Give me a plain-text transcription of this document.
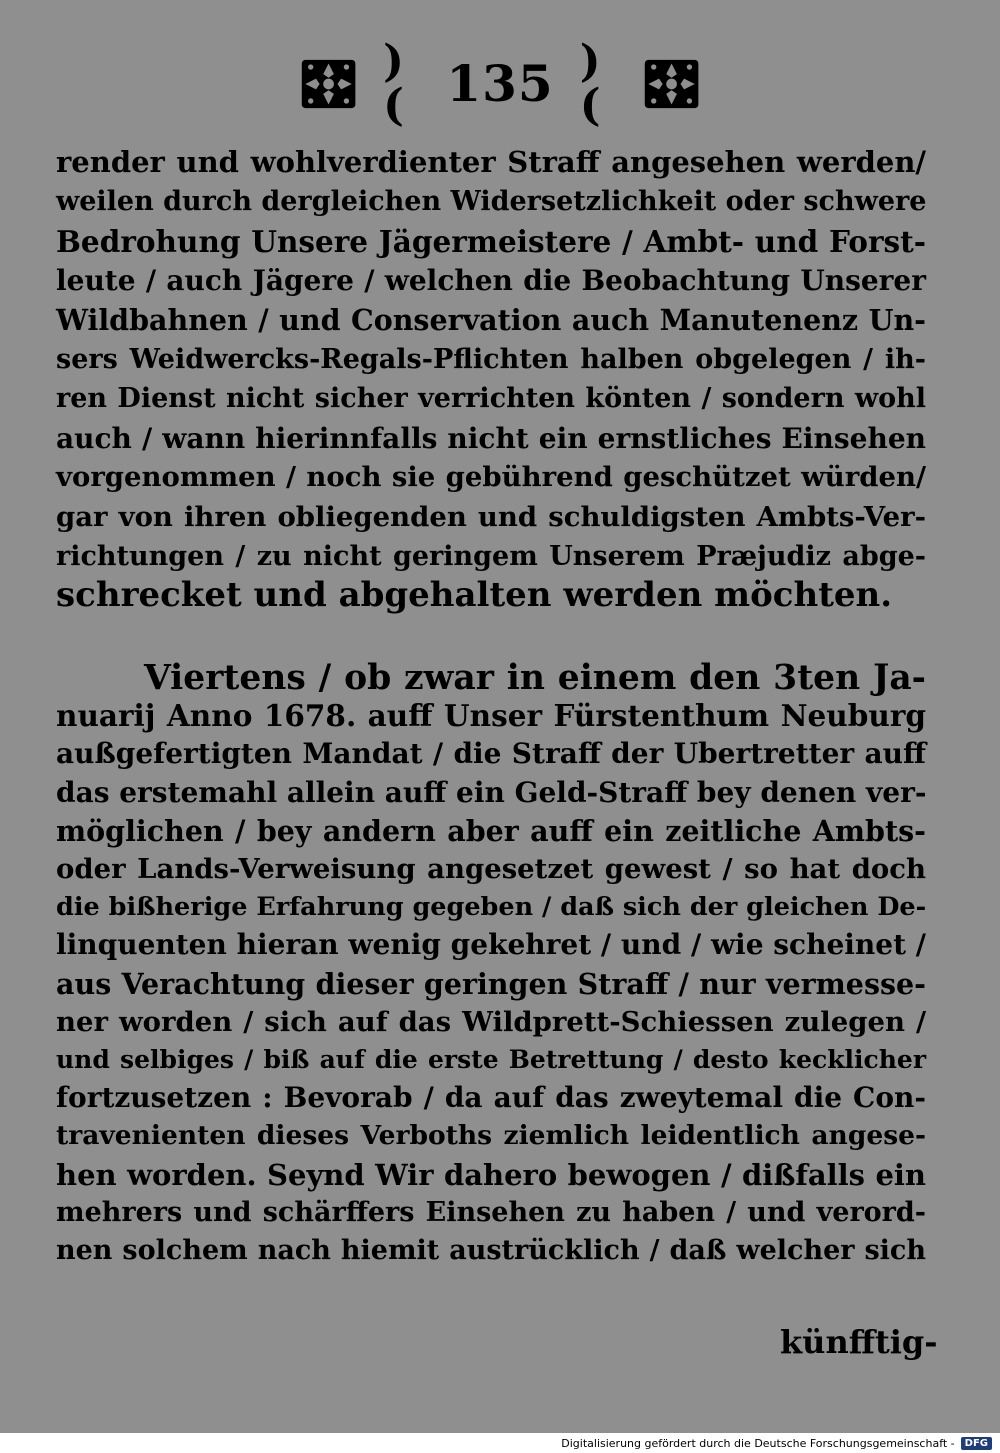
)( 135 )(
render und wohlverdienter Straff angesehen werden/
weilen durch dergleichen Widersetzlichkeit oder schwere
Bedrohung Unsere Jägermeistere / Ambt- und Forst-
leute / auch Jägere / welchen die Beobachtung Unserer
Wildbahnen / und Conservation auch Manutenenz Un-
sers Weidwercks-Regals-Pflichten halben obgelegen / ih-
ren Dienst nicht sicher verrichten könten / sondern wohl
auch / wann hierinnfalls nicht ein ernstliches Einsehen
vorgenommen / noch sie gebührend geschützet würden/
gar von ihren obliegenden und schuldigsten Ambts-Ver-
richtungen / zu nicht geringem Unserem Præjudiz abge-
schrecket und abgehalten werden möchten.
Viertens / ob zwar in einem den 3ten Ja-
nuarij Anno 1678. auff Unser Fürstenthum Neuburg
außgefertigten Mandat / die Straff der Ubertretter auff
das erstemahl allein auff ein Geld-Straff bey denen ver-
möglichen / bey andern aber auff ein zeitliche Ambts-
oder Lands-Verweisung angesetzet gewest / so hat doch
die bißherige Erfahrung gegeben / daß sich der gleichen De-
linquenten hieran wenig gekehret / und / wie scheinet /
aus Verachtung dieser geringen Straff / nur vermesse-
ner worden / sich auf das Wildprett-Schiessen zulegen /
und selbiges / biß auf die erste Betrettung / desto kecklicher
fortzusetzen : Bevorab / da auf das zweytemal die Con-
travenienten dieses Verboths ziemlich leidentlich angese-
hen worden. Seynd Wir dahero bewogen / dißfalls ein
mehrers und schärffers Einsehen zu haben / und verord-
nen solchem nach hiemit austrücklich / daß welcher sich
künfftig-
Digitalisierung gefördert durch die Deutsche Forschungsgemeinschaft -	DFG
